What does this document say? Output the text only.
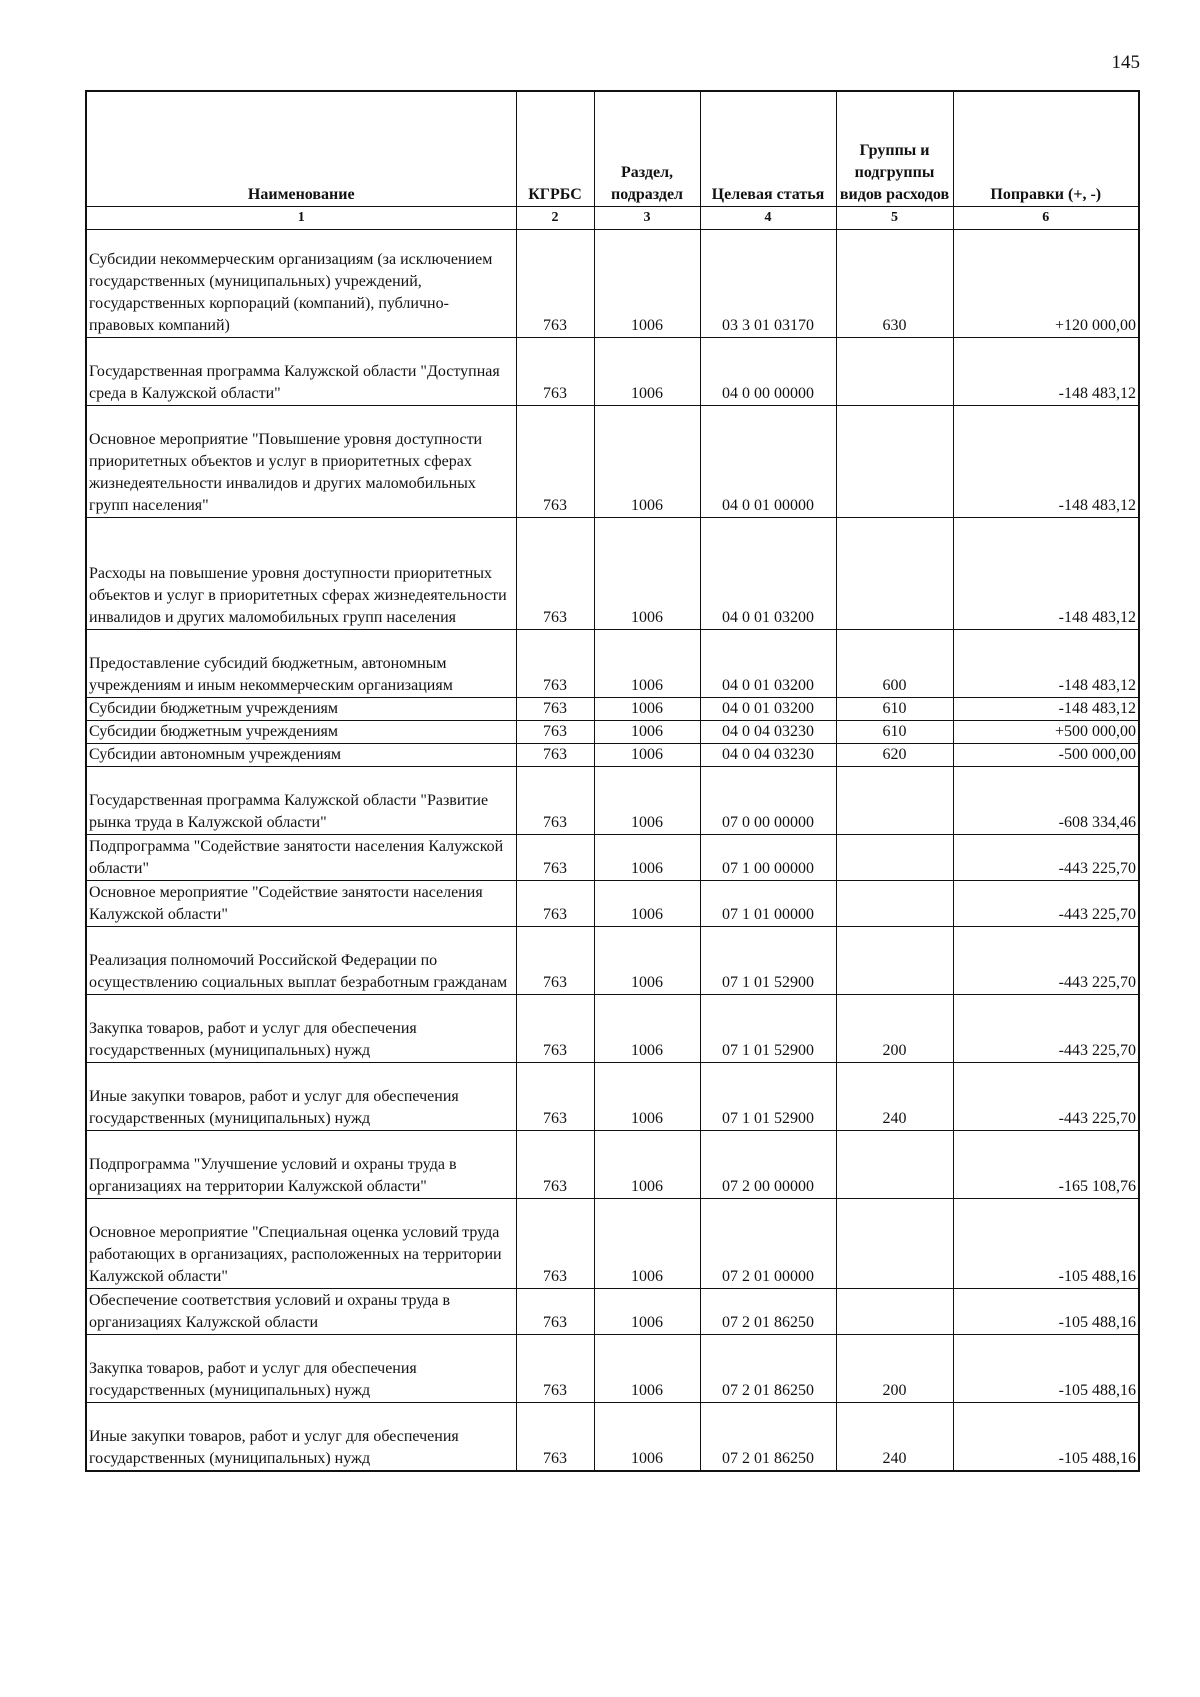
145
Наименование	КГРБС	Раздел, подраздел	Целевая статья	Группы и подгруппы видов расходов	Поправки (+, -)
1	2	3	4	5	6
Субсидии некоммерческим организациям (за исключением государственных (муниципальных) учреждений, государственных корпораций (компаний), публично-правовых компаний)	763	1006	03 3 01 03170	630	+120 000,00
Государственная программа Калужской области "Доступная среда в Калужской области"	763	1006	04 0 00 00000		-148 483,12
Основное мероприятие "Повышение уровня доступности приоритетных объектов и услуг в приоритетных сферах жизнедеятельности инвалидов и других маломобильных групп населения"	763	1006	04 0 01 00000		-148 483,12
Расходы на повышение уровня доступности приоритетных объектов и услуг в приоритетных сферах жизнедеятельности инвалидов и других маломобильных групп населения	763	1006	04 0 01 03200		-148 483,12
Предоставление субсидий бюджетным, автономным учреждениям и иным некоммерческим организациям	763	1006	04 0 01 03200	600	-148 483,12
Субсидии бюджетным учреждениям	763	1006	04 0 01 03200	610	-148 483,12
Субсидии бюджетным учреждениям	763	1006	04 0 04 03230	610	+500 000,00
Субсидии автономным учреждениям	763	1006	04 0 04 03230	620	-500 000,00
Государственная программа Калужской области "Развитие рынка труда в Калужской области"	763	1006	07 0 00 00000		-608 334,46
Подпрограмма "Содействие занятости населения Калужской области"	763	1006	07 1 00 00000		-443 225,70
Основное мероприятие "Содействие занятости населения Калужской области"	763	1006	07 1 01 00000		-443 225,70
Реализация полномочий Российской Федерации по осуществлению социальных выплат безработным гражданам	763	1006	07 1 01 52900		-443 225,70
Закупка товаров, работ и услуг для обеспечения государственных (муниципальных) нужд	763	1006	07 1 01 52900	200	-443 225,70
Иные закупки товаров, работ и услуг для обеспечения государственных (муниципальных) нужд	763	1006	07 1 01 52900	240	-443 225,70
Подпрограмма "Улучшение условий и охраны труда в организациях на территории Калужской области"	763	1006	07 2 00 00000		-165 108,76
Основное мероприятие "Специальная оценка условий труда работающих в организациях, расположенных на территории Калужской области"	763	1006	07 2 01 00000		-105 488,16
Обеспечение соответствия условий и охраны труда в организациях Калужской области	763	1006	07 2 01 86250		-105 488,16
Закупка товаров, работ и услуг для обеспечения государственных (муниципальных) нужд	763	1006	07 2 01 86250	200	-105 488,16
Иные закупки товаров, работ и услуг для обеспечения государственных (муниципальных) нужд	763	1006	07 2 01 86250	240	-105 488,16
